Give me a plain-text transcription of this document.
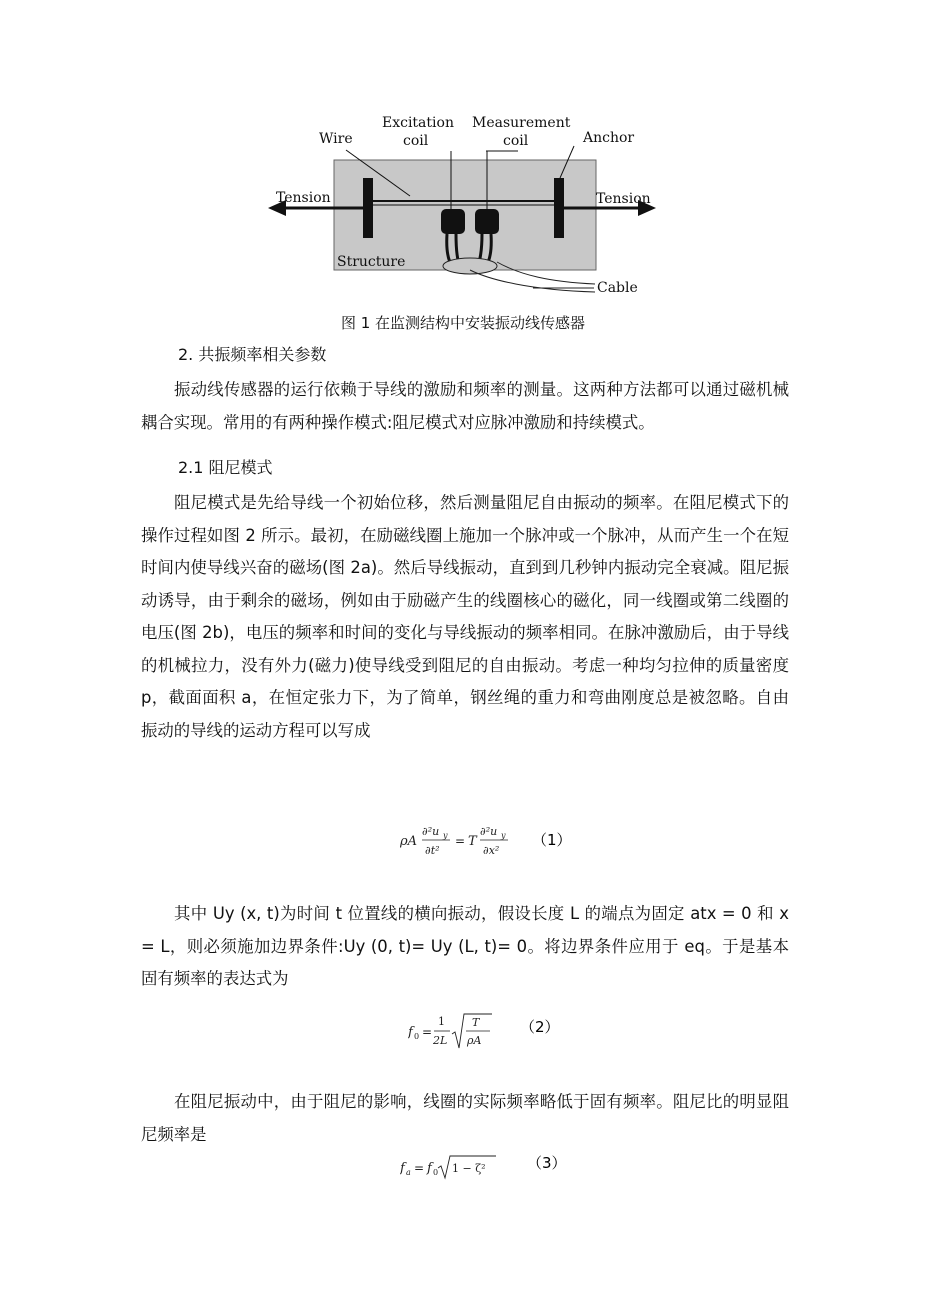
Wire
Excitation
coil
Measurement
coil	Anchor
Tension	Tension
Structure
Cable
图 1 在监测结构中安装振动线传感器
2. 共振频率相关参数
振动线传感器的运行依赖于导线的激励和频率的测量。这两种方法都可以通过磁机械耦合实现。常用的有两种操作模式:阻尼模式对应脉冲激励和持续模式。
2.1 阻尼模式
阻尼模式是先给导线一个初始位移，然后测量阻尼自由振动的频率。在阻尼模式下的操作过程如图 2 所示。最初，在励磁线圈上施加一个脉冲或一个脉冲，从而产生一个在短时间内使导线兴奋的磁场(图 2a)。然后导线振动，直到到几秒钟内振动完全衰减。阻尼振动诱导，由于剩余的磁场，例如由于励磁产生的线圈核心的磁化，同一线圈或第二线圈的电压(图 2b)，电压的频率和时间的变化与导线振动的频率相同。在脉冲激励后，由于导线的机械拉力，没有外力(磁力)使导线受到阻尼的自由振动。考虑一种均匀拉伸的质量密度 p，截面面积 a，在恒定张力下，为了简单，钢丝绳的重力和弯曲刚度总是被忽略。自由振动的导线的运动方程可以写成
ρA
∂²u y
∂t²
= T
∂²u y
∂x²
（1）
其中 Uy (x, t)为时间 t 位置线的横向振动，假设长度 L 的端点为固定 atx = 0 和 x = L，则必须施加边界条件:Uy (0, t)= Uy (L, t)= 0。将边界条件应用于 eq。于是基本固有频率的表达式为
f 0 =
1
2L
T
ρA
（2）
在阻尼振动中，由于阻尼的影响，线圈的实际频率略低于固有频率。阻尼比的明显阻尼频率是
f a = f 0 1 − ζ²	（3）
